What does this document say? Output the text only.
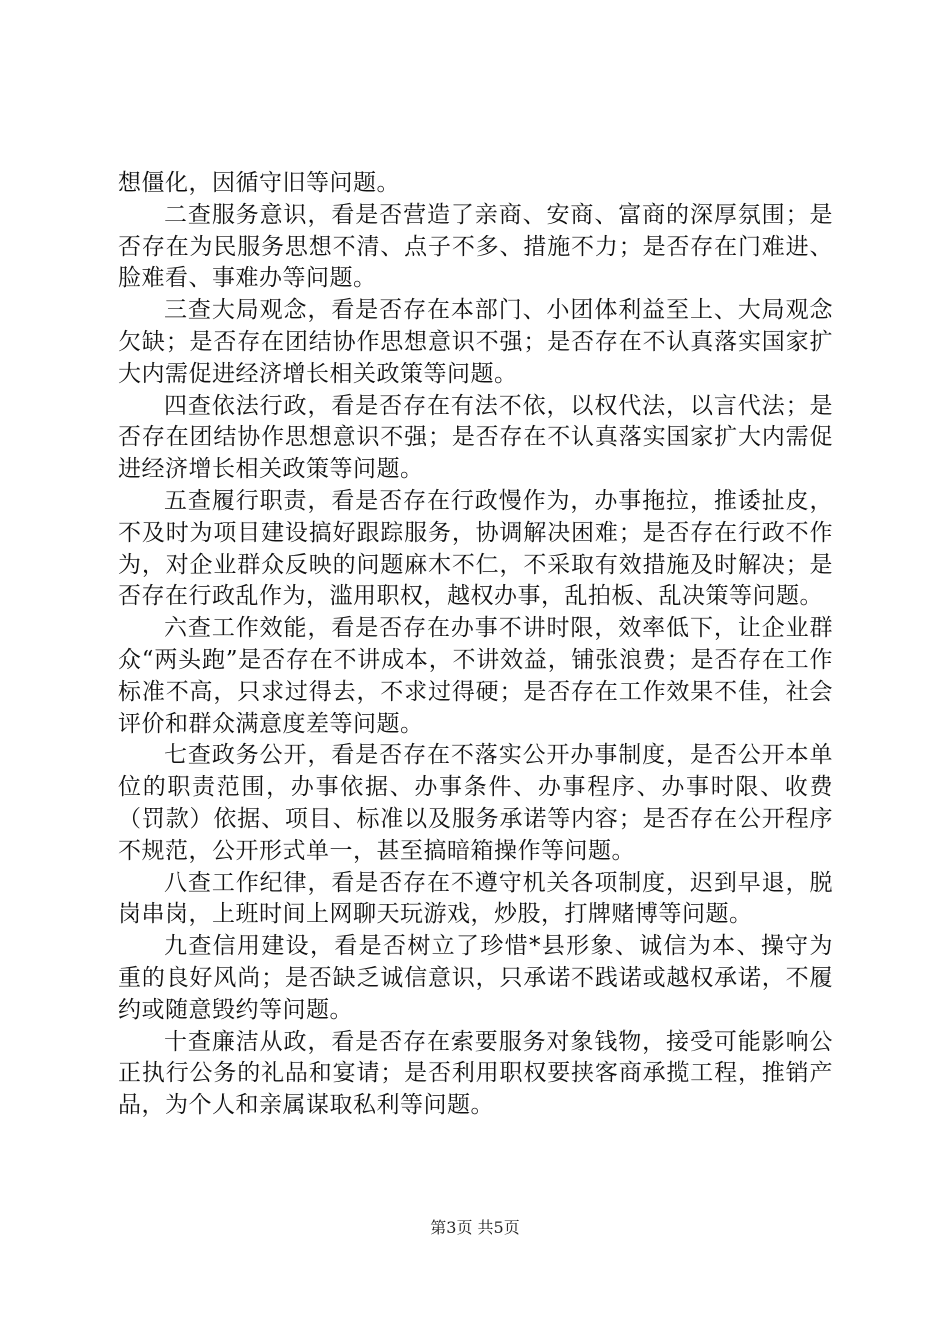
想僵化，因循守旧等问题。

二查服务意识，看是否营造了亲商、安商、富商的深厚氛围；是否存在为民服务思想不清、点子不多、措施不力；是否存在门难进、脸难看、事难办等问题。

三查大局观念，看是否存在本部门、小团体利益至上、大局观念欠缺；是否存在团结协作思想意识不强；是否存在不认真落实国家扩大内需促进经济增长相关政策等问题。

四查依法行政，看是否存在有法不依，以权代法，以言代法；是否存在团结协作思想意识不强；是否存在不认真落实国家扩大内需促进经济增长相关政策等问题。

五查履行职责，看是否存在行政慢作为，办事拖拉，推诿扯皮，不及时为项目建设搞好跟踪服务，协调解决困难；是否存在行政不作为，对企业群众反映的问题麻木不仁，不采取有效措施及时解决；是否存在行政乱作为，滥用职权，越权办事，乱拍板、乱决策等问题。

六查工作效能，看是否存在办事不讲时限，效率低下，让企业群众“两头跑”是否存在不讲成本，不讲效益，铺张浪费；是否存在工作标准不高，只求过得去，不求过得硬；是否存在工作效果不佳，社会评价和群众满意度差等问题。

七查政务公开，看是否存在不落实公开办事制度，是否公开本单位的职责范围，办事依据、办事条件、办事程序、办事时限、收费（罚款）依据、项目、标准以及服务承诺等内容；是否存在公开程序不规范，公开形式单一，甚至搞暗箱操作等问题。

八查工作纪律，看是否存在不遵守机关各项制度，迟到早退，脱岗串岗，上班时间上网聊天玩游戏，炒股，打牌赌博等问题。

九查信用建设，看是否树立了珍惜*县形象、诚信为本、操守为重的良好风尚；是否缺乏诚信意识，只承诺不践诺或越权承诺，不履约或随意毁约等问题。

十查廉洁从政，看是否存在索要服务对象钱物，接受可能影响公正执行公务的礼品和宴请；是否利用职权要挟客商承揽工程，推销产品，为个人和亲属谋取私利等问题。

第3页 共5页
